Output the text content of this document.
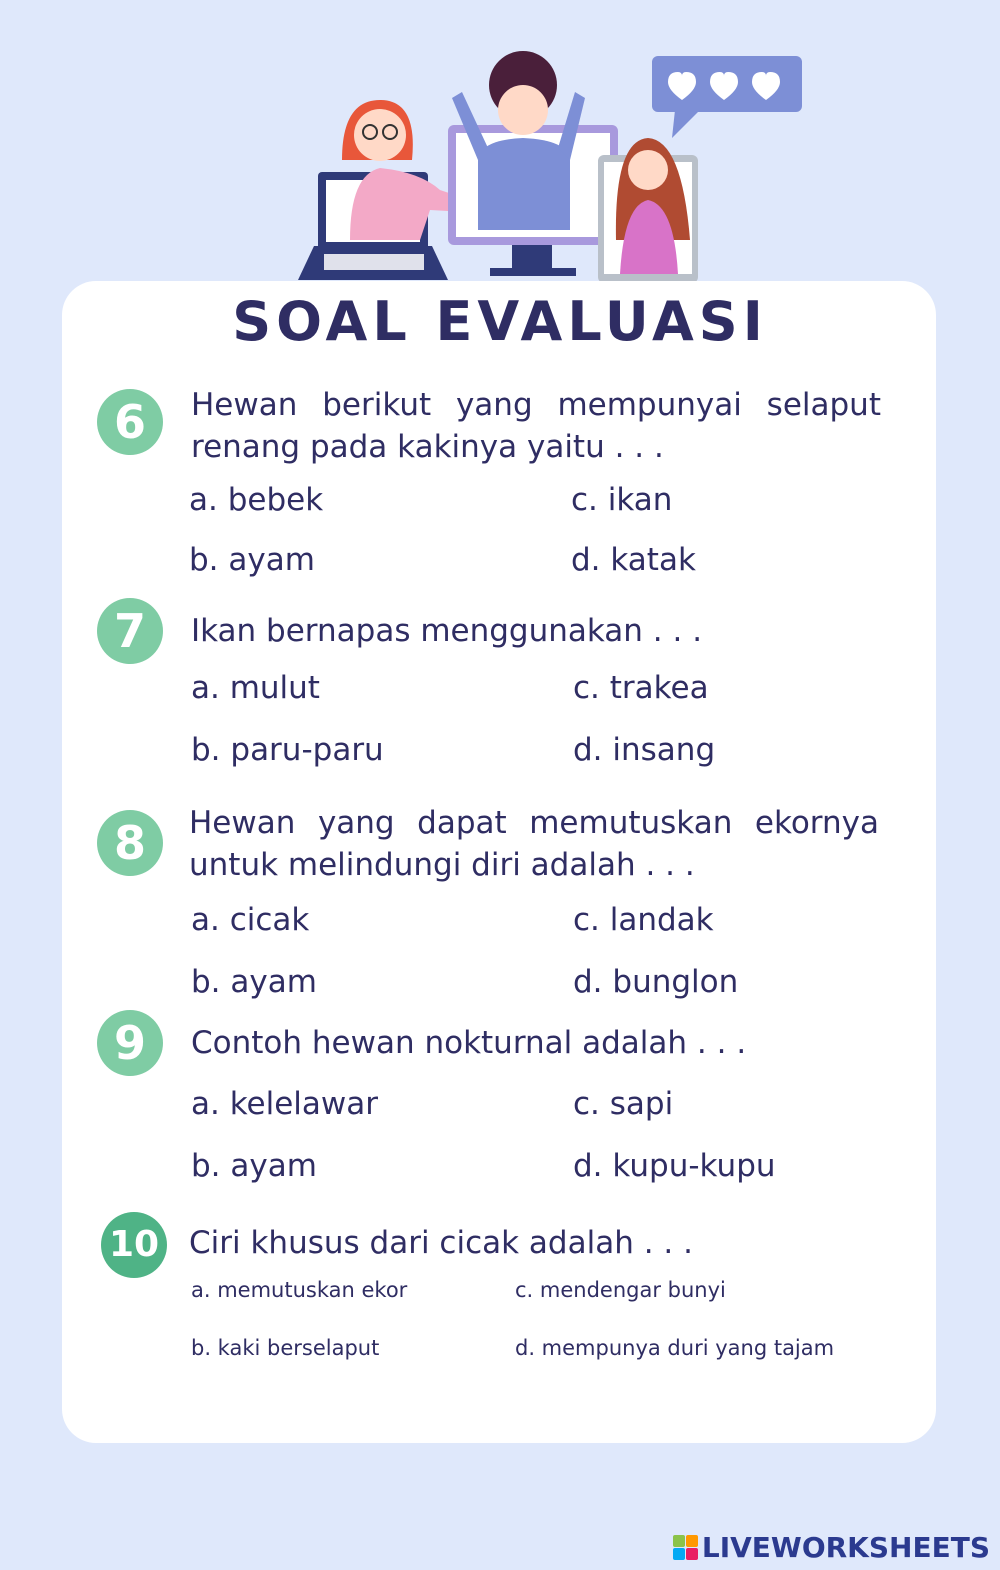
SOAL EVALUASI
6	Hewan berikut yang mempunyai selaput renang pada kakinya yaitu . . .
a. bebek	c. ikan
b. ayam	d. katak
7	Ikan bernapas menggunakan . . .
a. mulut	c. trakea
b. paru-paru	d. insang
8	Hewan yang dapat memutuskan ekornya untuk melindungi diri adalah . . .
a. cicak	c. landak
b. ayam	d. bunglon
9	Contoh hewan nokturnal adalah . . .
a. kelelawar	c. sapi
b. ayam	d. kupu-kupu
10 Ciri khusus dari cicak adalah . . .
a. memutuskan ekor	c. mendengar bunyi
b. kaki berselaput	d. mempunya duri yang tajam
LIVEWORKSHEETS
